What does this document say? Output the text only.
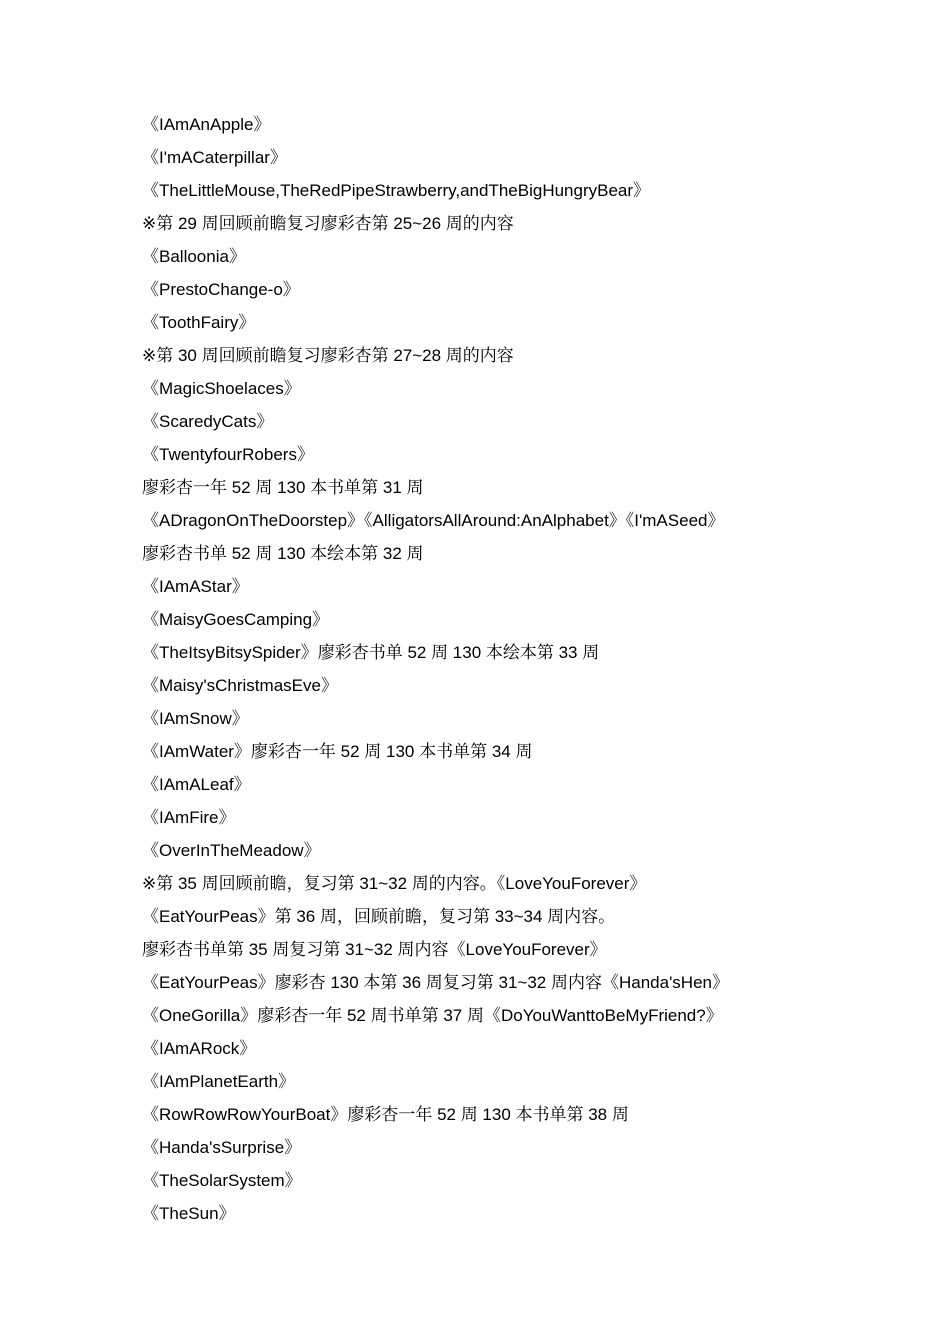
《IAmAnApple》
《I'mACaterpillar》
《TheLittleMouse,TheRedPipeStrawberry,andTheBigHungryBear》
※第 29 周回顾前瞻复习廖彩杏第 25~26 周的内容
《Balloonia》
《PrestoChange-o》
《ToothFairy》
※第 30 周回顾前瞻复习廖彩杏第 27~28 周的内容
《MagicShoelaces》
《ScaredyCats》
《TwentyfourRobers》
廖彩杏一年 52 周 130 本书单第 31 周
《ADragonOnTheDoorstep》《AlligatorsAllAround:AnAlphabet》《I'mASeed》
廖彩杏书单 52 周 130 本绘本第 32 周
《IAmAStar》
《MaisyGoesCamping》
《TheItsyBitsySpider》廖彩杏书单 52 周 130 本绘本第 33 周
《Maisy'sChristmasEve》
《IAmSnow》
《IAmWater》廖彩杏一年 52 周 130 本书单第 34 周
《IAmALeaf》
《IAmFire》
《OverInTheMeadow》
※第 35 周回顾前瞻，复习第 31~32 周的内容。《LoveYouForever》
《EatYourPeas》第 36 周，回顾前瞻，复习第 33~34 周内容。
廖彩杏书单第 35 周复习第 31~32 周内容《LoveYouForever》
《EatYourPeas》廖彩杏 130 本第 36 周复习第 31~32 周内容《Handa'sHen》
《OneGorilla》廖彩杏一年 52 周书单第 37 周《DoYouWanttoBeMyFriend?》
《IAmARock》
《IAmPlanetEarth》
《RowRowRowYourBoat》廖彩杏一年 52 周 130 本书单第 38 周
《Handa'sSurprise》
《TheSolarSystem》
《TheSun》
